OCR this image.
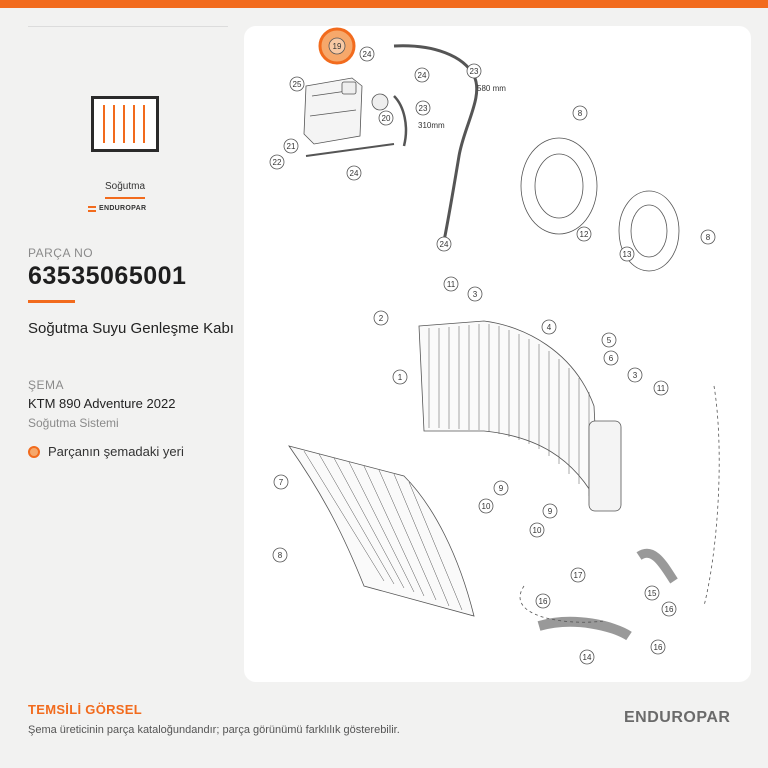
Soğutma
ENDUROPAR
PARÇA NO
63535065001
Soğutma Suyu Genleşme Kabı
ŞEMA
KTM 890 Adventure 2022
Soğutma Sistemi
Parçanın şemadaki yeri
19
24
25
24	23
20
23
21
22
24
24
8
12
13
8
11
3
2
4
5
6
1	3
11
7
9
10
9
10
8
17
15
16
16
14
16
580 mm
310mm
TEMSİLİ GÖRSEL
Şema üreticinin parça kataloğundandır; parça görünümü farklılık gösterebilir.
ENDUROPAR
